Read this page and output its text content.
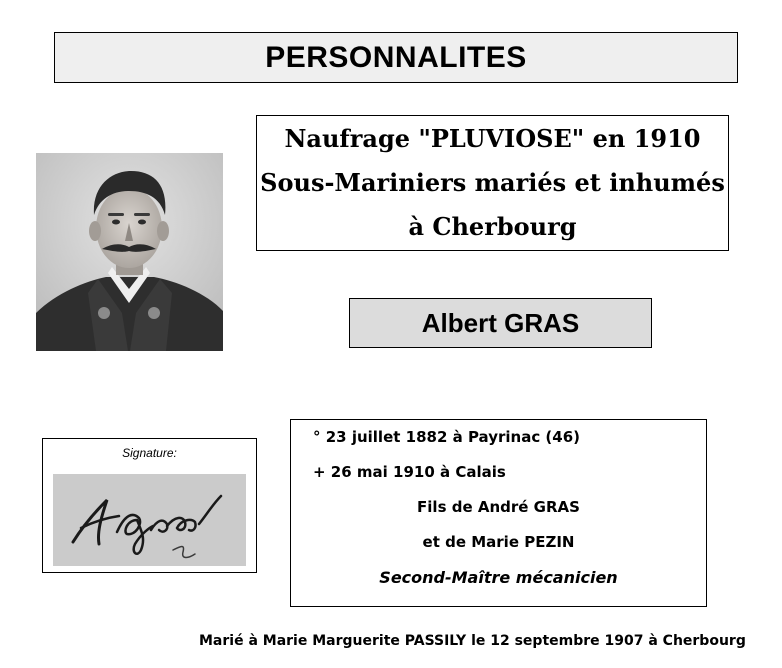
PERSONNALITES
Naufrage "PLUVIOSE" en 1910
Sous-Mariniers mariés et inhumés
à Cherbourg
Albert GRAS
Signature:
° 23 juillet 1882 à Payrinac (46)
+ 26 mai 1910 à Calais
Fils de André GRAS
et de Marie PEZIN
Second-Maître mécanicien
Marié à Marie Marguerite PASSILY le 12 septembre 1907 à Cherbourg
